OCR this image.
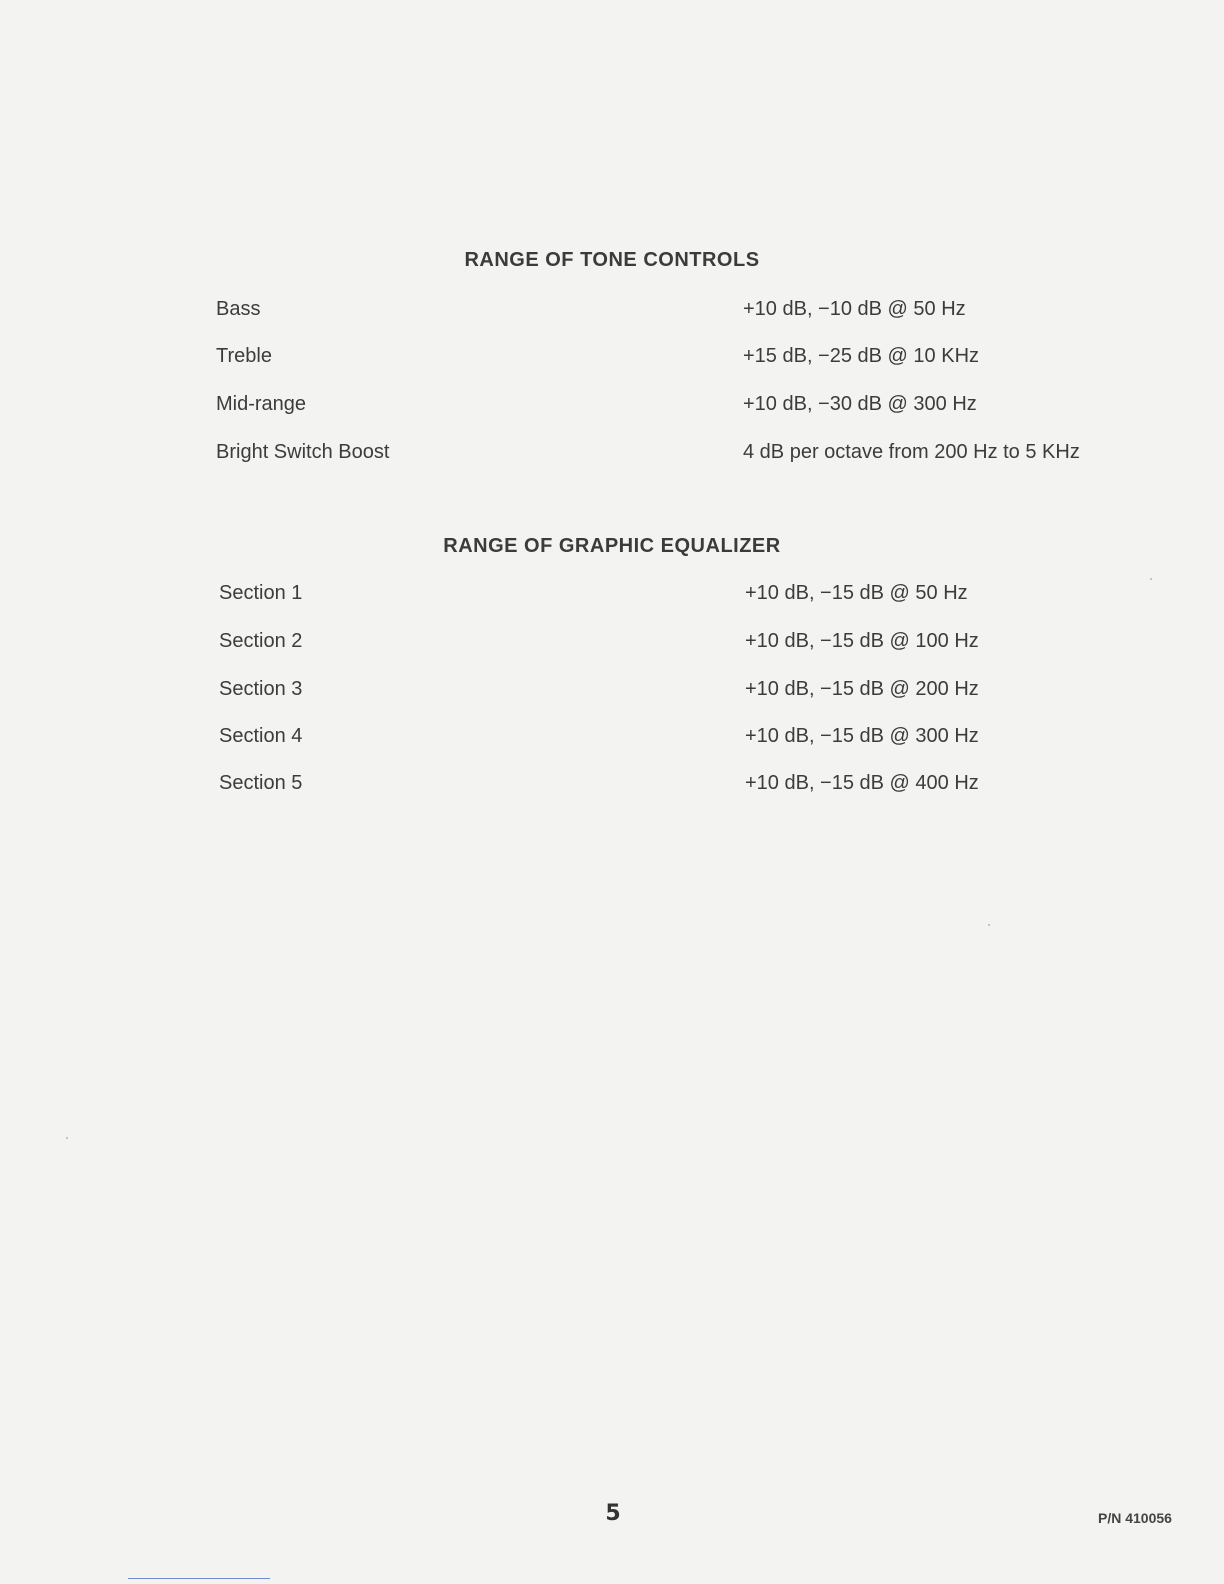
RANGE OF TONE CONTROLS
Bass	+10 dB, −10 dB @ 50 Hz
Treble	+15 dB, −25 dB @ 10 KHz
Mid-range	+10 dB, −30 dB @ 300 Hz
Bright Switch Boost	4 dB per octave from 200 Hz to 5 KHz
RANGE OF GRAPHIC EQUALIZER
Section 1	+10 dB, −15 dB @ 50 Hz
Section 2	+10 dB, −15 dB @ 100 Hz
Section 3	+10 dB, −15 dB @ 200 Hz
Section 4	+10 dB, −15 dB @ 300 Hz
Section 5	+10 dB, −15 dB @ 400 Hz
5	P/N 410056
